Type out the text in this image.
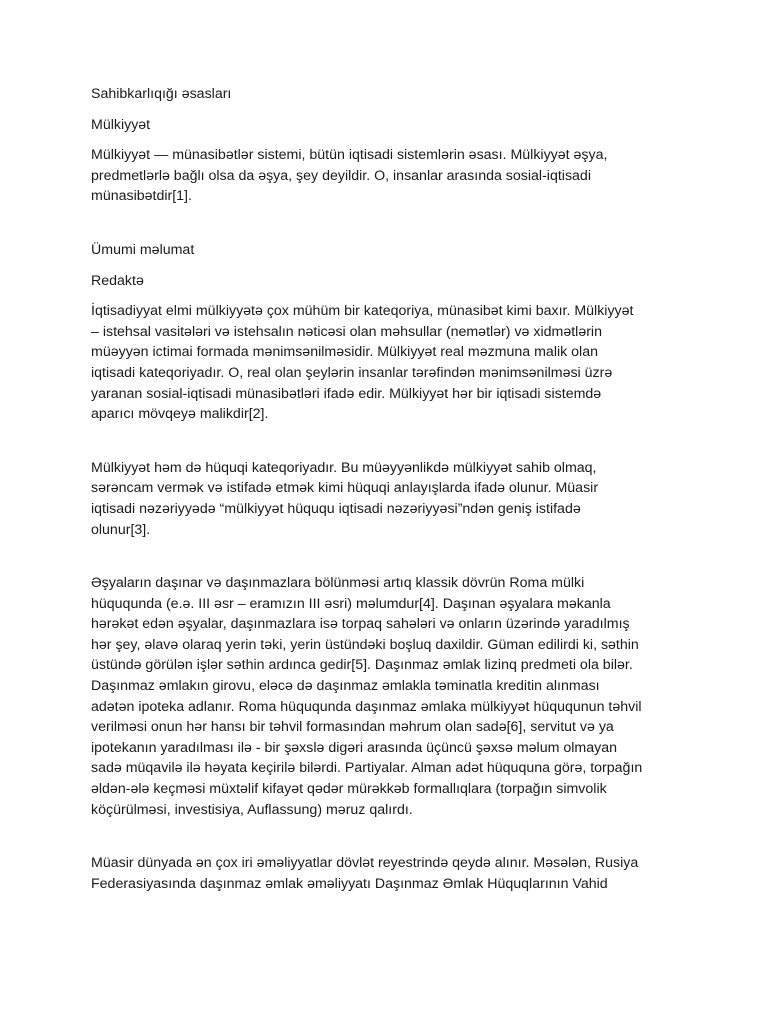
Sahibkarlıqığı əsasları

Mülkiyyət

Mülkiyyət — münasibətlər sistemi, bütün iqtisadi sistemlərin əsası. Mülkiyyət əşya,
predmetlərlə bağlı olsa da əşya, şey deyildir. O, insanlar arasında sosial-iqtisadi
münasibətdir[1].

Ümumi məlumat

Redaktə

İqtisadiyyat elmi mülkiyyətə çox mühüm bir kateqoriya, münasibət kimi baxır. Mülkiyyət
– istehsal vasitələri və istehsalın nəticəsi olan məhsullar (nemətlər) və xidmətlərin
müəyyən ictimai formada mənimsənilməsidir. Mülkiyyət real məzmuna malik olan
iqtisadi kateqoriyadır. O, real olan şeylərin insanlar tərəfindən mənimsənilməsi üzrə
yaranan sosial-iqtisadi münasibətləri ifadə edir. Mülkiyyət hər bir iqtisadi sistemdə
aparıcı mövqeyə malikdir[2].

Mülkiyyət həm də hüquqi kateqoriyadır. Bu müəyyənlikdə mülkiyyət sahib olmaq,
sərəncam vermək və istifadə etmək kimi hüquqi anlayışlarda ifadə olunur. Müasir
iqtisadi nəzəriyyədə “mülkiyyət hüququ iqtisadi nəzəriyyəsi”ndən geniş istifadə
olunur[3].

Əşyaların daşınar və daşınmazlara bölünməsi artıq klassik dövrün Roma mülki
hüququnda (e.ə. III əsr – eramızın III əsri) məlumdur[4]. Daşınan əşyalara məkanla
hərəkət edən əşyalar, daşınmazlara isə torpaq sahələri və onların üzərində yaradılmış
hər şey, əlavə olaraq yerin təki, yerin üstündəki boşluq daxildir. Güman edilirdi ki, səthin
üstündə görülən işlər səthin ardınca gedir[5]. Daşınmaz əmlak lizinq predmeti ola bilər.
Daşınmaz əmlakın girovu, eləcə də daşınmaz əmlakla təminatla kreditin alınması
adətən ipoteka adlanır. Roma hüququnda daşınmaz əmlaka mülkiyyət hüququnun təhvil
verilməsi onun hər hansı bir təhvil formasından məhrum olan sadə[6], servitut və ya
ipotekanın yaradılması ilə - bir şəxslə digəri arasında üçüncü şəxsə məlum olmayan
sadə müqavilə ilə həyata keçirilə bilərdi. Partiyalar. Alman adət hüququna görə, torpağın
əldən-ələ keçməsi müxtəlif kifayət qədər mürəkkəb formallıqlara (torpağın simvolik
köçürülməsi, investisiya, Auflassung) məruz qalırdı.

Müasir dünyada ən çox iri əməliyyatlar dövlət reyestrində qeydə alınır. Məsələn, Rusiya
Federasiyasında daşınmaz əmlak əməliyyatı Daşınmaz Əmlak Hüquqlarının Vahid
